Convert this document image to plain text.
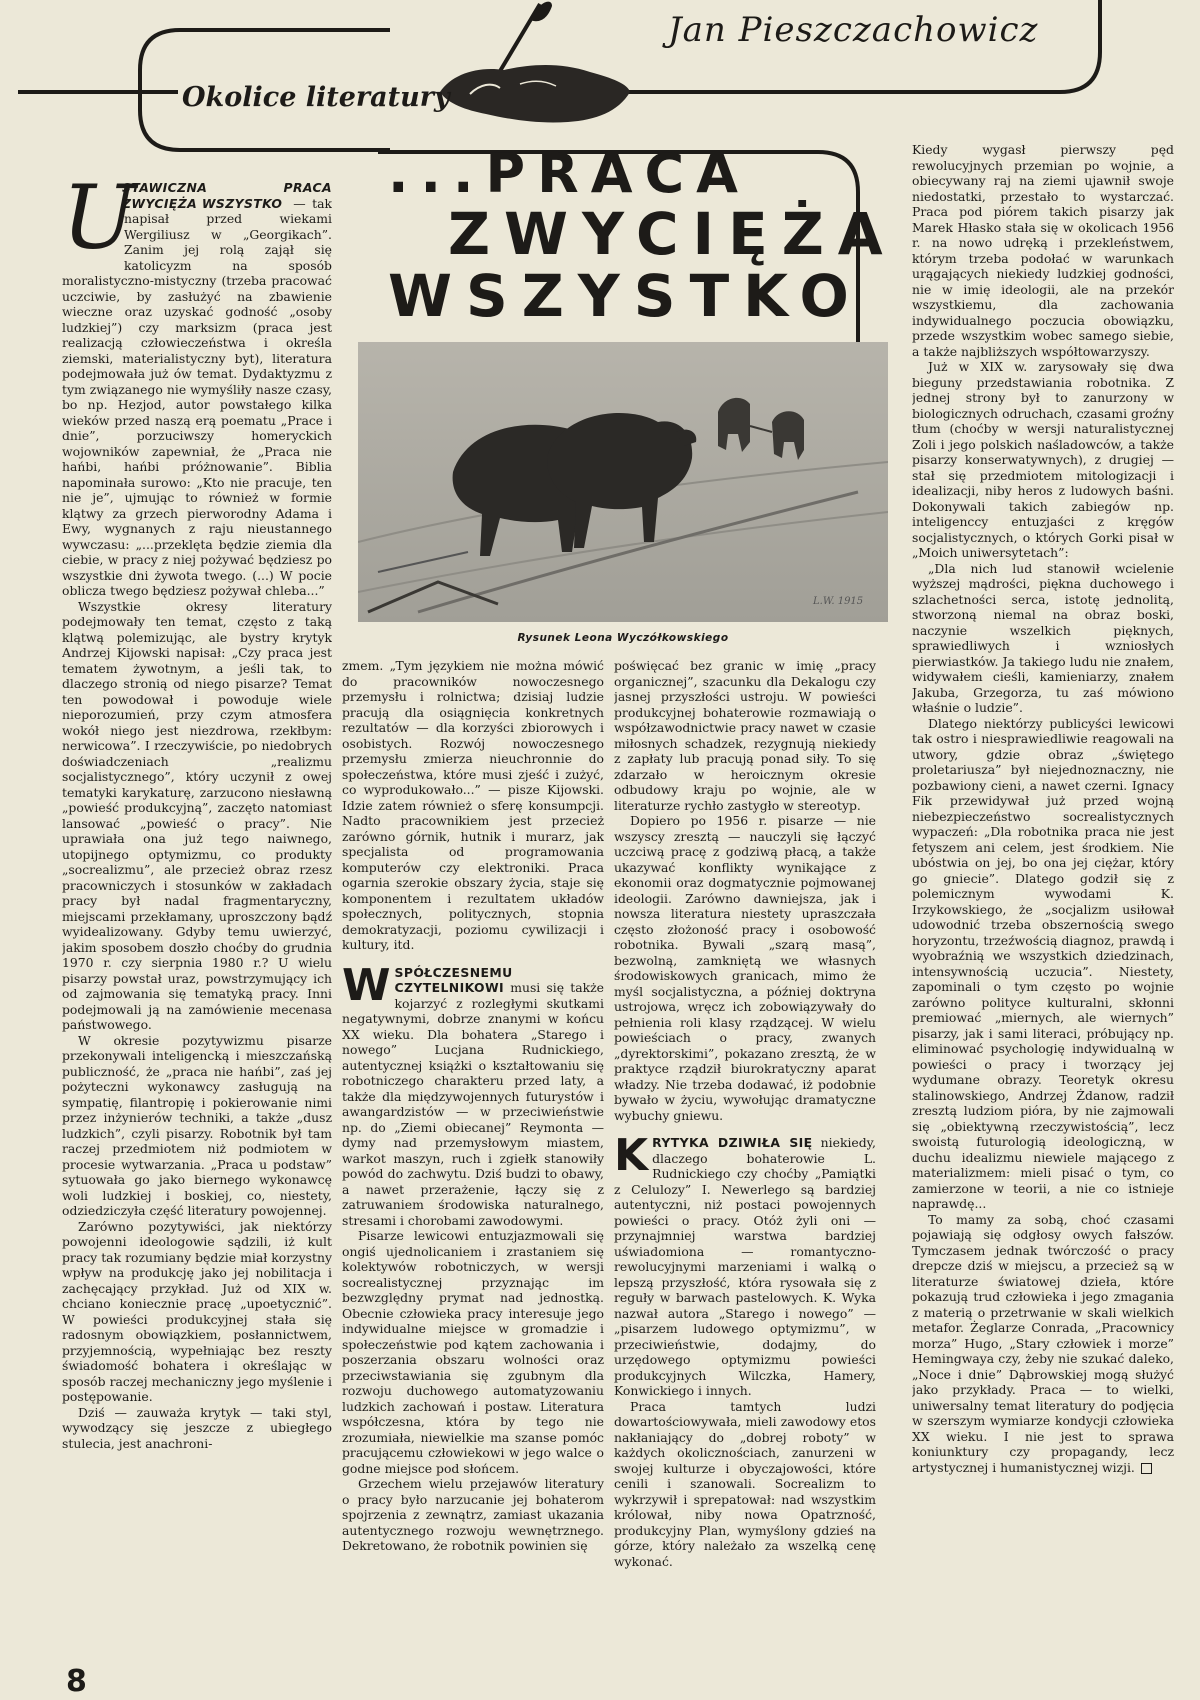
Jan Pieszczachowicz
Okolice literatury
...PRACA
ZWYCIĘŻA
WSZYSTKO
L.W. 1915
Rysunek Leona Wyczółkowskiego
U

STAWICZNA PRACA ZWYCIĘŻA WSZYSTKO — tak napisał przed wiekami Wergiliusz w „Georgikach”. Zanim jej rolą zajął się katolicyzm na sposób moralistyczno-mistyczny (trzeba pracować uczciwie, by zasłużyć na zbawienie wieczne oraz uzyskać godność „osoby ludzkiej”) czy marksizm (praca jest realizacją człowieczeństwa i określa ziemski, materialistyczny byt), literatura podejmowała już ów temat. Dydaktyzmu z tym związanego nie wymyśliły nasze czasy, bo np. Hezjod, autor powstałego kilka wieków przed naszą erą poematu „Prace i dnie”, porzuciwszy homeryckich wojowników zapewniał, że „Praca nie hańbi, hańbi próżnowanie”. Biblia napominała surowo: „Kto nie pracuje, ten nie je”, ujmując to również w formie klątwy za grzech pierworodny Adama i Ewy, wygnanych z raju nieustannego wywczasu: „...przeklęta będzie ziemia dla ciebie, w pracy z niej pożywać będziesz po wszystkie dni żywota twego. (...) W pocie oblicza twego będziesz pożywał chleba...”

Wszystkie okresy literatury podejmowały ten temat, często z taką klątwą polemizując, ale bystry krytyk Andrzej Kijowski napisał: „Czy praca jest tematem żywotnym, a jeśli tak, to dlaczego stronią od niego pisarze? Temat ten powodował i powoduje wiele nieporozumień, przy czym atmosfera wokół niego jest niezdrowa, rzekłbym: nerwicowa”. I rzeczywiście, po niedobrych doświadczeniach „realizmu socjalistycznego”, który uczynił z owej tematyki karykaturę, zarzucono niesławną „powieść produkcyjną”, zaczęto natomiast lansować „powieść o pracy”. Nie uprawiała ona już tego naiwnego, utopijnego optymizmu, co produkty „socrealizmu”, ale przecież obraz rzesz pracowniczych i stosunków w zakładach pracy był nadal fragmentaryczny, miejscami przekłamany, uproszczony bądź wyidealizowany. Gdyby temu uwierzyć, jakim sposobem doszło choćby do grudnia 1970 r. czy sierpnia 1980 r.? U wielu pisarzy powstał uraz, powstrzymujący ich od zajmowania się tematyką pracy. Inni podejmowali ją na zamówienie mecenasa państwowego.

W okresie pozytywizmu pisarze przekonywali inteligencką i mieszczańską publiczność, że „praca nie hańbi”, zaś jej pożyteczni wykonawcy zasługują na sympatię, filantropię i pokierowanie nimi przez inżynierów techniki, a także „dusz ludzkich”, czyli pisarzy. Robotnik był tam raczej przedmiotem niż podmiotem w procesie wytwarzania. „Praca u podstaw” sytuowała go jako biernego wykonawcę woli ludzkiej i boskiej, co, niestety, odziedziczyła część literatury powojennej.

Zarówno pozytywiści, jak niektórzy powojenni ideologowie sądzili, iż kult pracy tak rozumiany będzie miał korzystny wpływ na produkcję jako jej nobilitacja i zachęcający przykład. Już od XIX w. chciano koniecznie pracę „upoetycznić”. W powieści produkcyjnej stała się radosnym obowiązkiem, posłannictwem, przyjemnością, wypełniając bez reszty świadomość bohatera i określając w sposób raczej mechaniczny jego myślenie i postępowanie.

Dziś — zauważa krytyk — taki styl, wywodzący się jeszcze z ubiegłego stulecia, jest anachroni-

zmem. „Tym językiem nie można mówić do pracowników nowoczesnego przemysłu i rolnictwa; dzisiaj ludzie pracują dla osiągnięcia konkretnych rezultatów — dla korzyści zbiorowych i osobistych. Rozwój nowoczesnego przemysłu zmierza nieuchronnie do społeczeństwa, które musi zjeść i zużyć, co wyprodukowało...” — pisze Kijowski. Idzie zatem również o sferę konsumpcji. Nadto pracownikiem jest przecież zarówno górnik, hutnik i murarz, jak specjalista od programowania komputerów czy elektroniki. Praca ogarnia szerokie obszary życia, staje się komponentem i rezultatem układów społecznych, politycznych, stopnia demokratyzacji, poziomu cywilizacji i kultury, itd.

WSPÓŁCZESNEMU CZYTELNIKOWI musi się także kojarzyć z rozległymi skutkami negatywnymi, dobrze znanymi w końcu XX wieku. Dla bohatera „Starego i nowego” Lucjana Rudnickiego, autentycznej książki o kształtowaniu się robotniczego charakteru przed laty, a także dla międzywojennych futurystów i awangardzistów — w przeciwieństwie np. do „Ziemi obiecanej” Reymonta — dymy nad przemysłowym miastem, warkot maszyn, ruch i zgiełk stanowiły powód do zachwytu. Dziś budzi to obawy, a nawet przerażenie, łączy się z zatruwaniem środowiska naturalnego, stresami i chorobami zawodowymi.

Pisarze lewicowi entuzjazmowali się ongiś ujednolicaniem i zrastaniem się kolektywów robotniczych, w wersji socrealistycznej przyznając im bezwzględny prymat nad jednostką. Obecnie człowieka pracy interesuje jego indywidualne miejsce w gromadzie i społeczeństwie pod kątem zachowania i poszerzania obszaru wolności oraz przeciwstawiania się zgubnym dla rozwoju duchowego automatyzowaniu ludzkich zachowań i postaw. Literatura współczesna, która by tego nie zrozumiała, niewielkie ma szanse pomóc pracującemu człowiekowi w jego walce o godne miejsce pod słońcem.

Grzechem wielu przejawów literatury o pracy było narzucanie jej bohaterom spojrzenia z zewnątrz, zamiast ukazania autentycznego rozwoju wewnętrznego. Dekretowano, że robotnik powinien się

poświęcać bez granic w imię „pracy organicznej”, szacunku dla Dekalogu czy jasnej przyszłości ustroju. W powieści produkcyjnej bohaterowie rozmawiają o współzawodnictwie pracy nawet w czasie miłosnych schadzek, rezygnują niekiedy z zapłaty lub pracują ponad siły. To się zdarzało w heroicznym okresie odbudowy kraju po wojnie, ale w literaturze rychło zastygło w stereotyp.

Dopiero po 1956 r. pisarze — nie wszyscy zresztą — nauczyli się łączyć uczciwą pracę z godziwą płacą, a także ukazywać konflikty wynikające z ekonomii oraz dogmatycznie pojmowanej ideologii. Zarówno dawniejsza, jak i nowsza literatura niestety upraszczała często złożoność pracy i osobowość robotnika. Bywali „szarą masą”, bezwolną, zamkniętą we własnych środowiskowych granicach, mimo że myśl socjalistyczna, a później doktryna ustrojowa, wręcz ich zobowiązywały do pełnienia roli klasy rządzącej. W wielu powieściach o pracy, zwanych „dyrektorskimi”, pokazano zresztą, że w praktyce rządził biurokratyczny aparat władzy. Nie trzeba dodawać, iż podobnie bywało w życiu, wywołując dramatyczne wybuchy gniewu.

KRYTYKA DZIWIŁA SIĘ niekiedy, dlaczego bohaterowie L. Rudnickiego czy choćby „Pamiątki z Celulozy” I. Newerlego są bardziej autentyczni, niż postaci powojennych powieści o pracy. Otóż żyli oni — przynajmniej warstwa bardziej uświadomiona — romantyczno-rewolucyjnymi marzeniami i walką o lepszą przyszłość, która rysowała się z reguły w barwach pastelowych. K. Wyka nazwał autora „Starego i nowego” — „pisarzem ludowego optymizmu”, w przeciwieństwie, dodajmy, do urzędowego optymizmu powieści produkcyjnych Wilczka, Hamery, Konwickiego i innych.

Praca tamtych ludzi dowartościowywała, mieli zawodowy etos nakłaniający do „dobrej roboty” w każdych okolicznościach, zanurzeni w swojej kulturze i obyczajowości, które cenili i szanowali. Socrealizm to wykrzywił i sprepatował: nad wszystkim królował, niby nowa Opatrzność, produkcyjny Plan, wymyślony gdzieś na górze, który należało za wszelką cenę wykonać.

Kiedy wygasł pierwszy pęd rewolucyjnych przemian po wojnie, a obiecywany raj na ziemi ujawnił swoje niedostatki, przestało to wystarczać. Praca pod piórem takich pisarzy jak Marek Hłasko stała się w okolicach 1956 r. na nowo udręką i przekleństwem, którym trzeba podołać w warunkach urągających niekiedy ludzkiej godności, nie w imię ideologii, ale na przekór wszystkiemu, dla zachowania indywidualnego poczucia obowiązku, przede wszystkim wobec samego siebie, a także najbliższych współtowarzyszy.

Już w XIX w. zarysowały się dwa bieguny przedstawiania robotnika. Z jednej strony był to zanurzony w biologicznych odruchach, czasami groźny tłum (choćby w wersji naturalistycznej Zoli i jego polskich naśladowców, a także pisarzy konserwatywnych), z drugiej — stał się przedmiotem mitologizacji i idealizacji, niby heros z ludowych baśni. Dokonywali takich zabiegów np. inteligenccy entuzjaści z kręgów socjalistycznych, o których Gorki pisał w „Moich uniwersytetach”:

„Dla nich lud stanowił wcielenie wyższej mądrości, piękna duchowego i szlachetności serca, istotę jednolitą, stworzoną niemal na obraz boski, naczynie wszelkich pięknych, sprawiedliwych i wzniosłych pierwiastków. Ja takiego ludu nie znałem, widywałem cieśli, kamieniarzy, znałem Jakuba, Grzegorza, tu zaś mówiono właśnie o ludzie”.

Dlatego niektórzy publicyści lewicowi tak ostro i niesprawiedliwie reagowali na utwory, gdzie obraz „świętego proletariusza” był niejednoznaczny, nie pozbawiony cieni, a nawet czerni. Ignacy Fik przewidywał już przed wojną niebezpieczeństwo socrealistycznych wypaczeń: „Dla robotnika praca nie jest fetyszem ani celem, jest środkiem. Nie ubóstwia on jej, bo ona jej ciężar, który go gniecie”. Dlatego godził się z polemicznym wywodami K. Irzykowskiego, że „socjalizm usiłował udowodnić trzeba obszernością swego horyzontu, trzeźwością diagnoz, prawdą i wyobraźnią we wszystkich dziedzinach, intensywnością uczucia”. Niestety, zapominali o tym często po wojnie zarówno polityce kulturalni, skłonni premiować „miernych, ale wiernych” pisarzy, jak i sami literaci, próbujący np. eliminować psychologię indywidualną w powieści o pracy i tworzący jej wydumane obrazy. Teoretyk okresu stalinowskiego, Andrzej Żdanow, radził zresztą ludziom pióra, by nie zajmowali się „obiektywną rzeczywistością”, lecz swoistą futurologią ideologiczną, w duchu idealizmu niewiele mającego z materializmem: mieli pisać o tym, co zamierzone w teorii, a nie co istnieje naprawdę...

To mamy za sobą, choć czasami pojawiają się odgłosy owych fałszów. Tymczasem jednak twórczość o pracy drepcze dziś w miejscu, a przecież są w literaturze światowej dzieła, które pokazują trud człowieka i jego zmagania z materią o przetrwanie w skali wielkich metafor. Żeglarze Conrada, „Pracownicy morza” Hugo, „Stary człowiek i morze” Hemingwaya czy, żeby nie szukać daleko, „Noce i dnie” Dąbrowskiej mogą służyć jako przykłady. Praca — to wielki, uniwersalny temat literatury do podjęcia w szerszym wymiarze kondycji człowieka XX wieku. I nie jest to sprawa koniunktury czy propagandy, lecz artystycznej i humanistycznej wizji.

8
